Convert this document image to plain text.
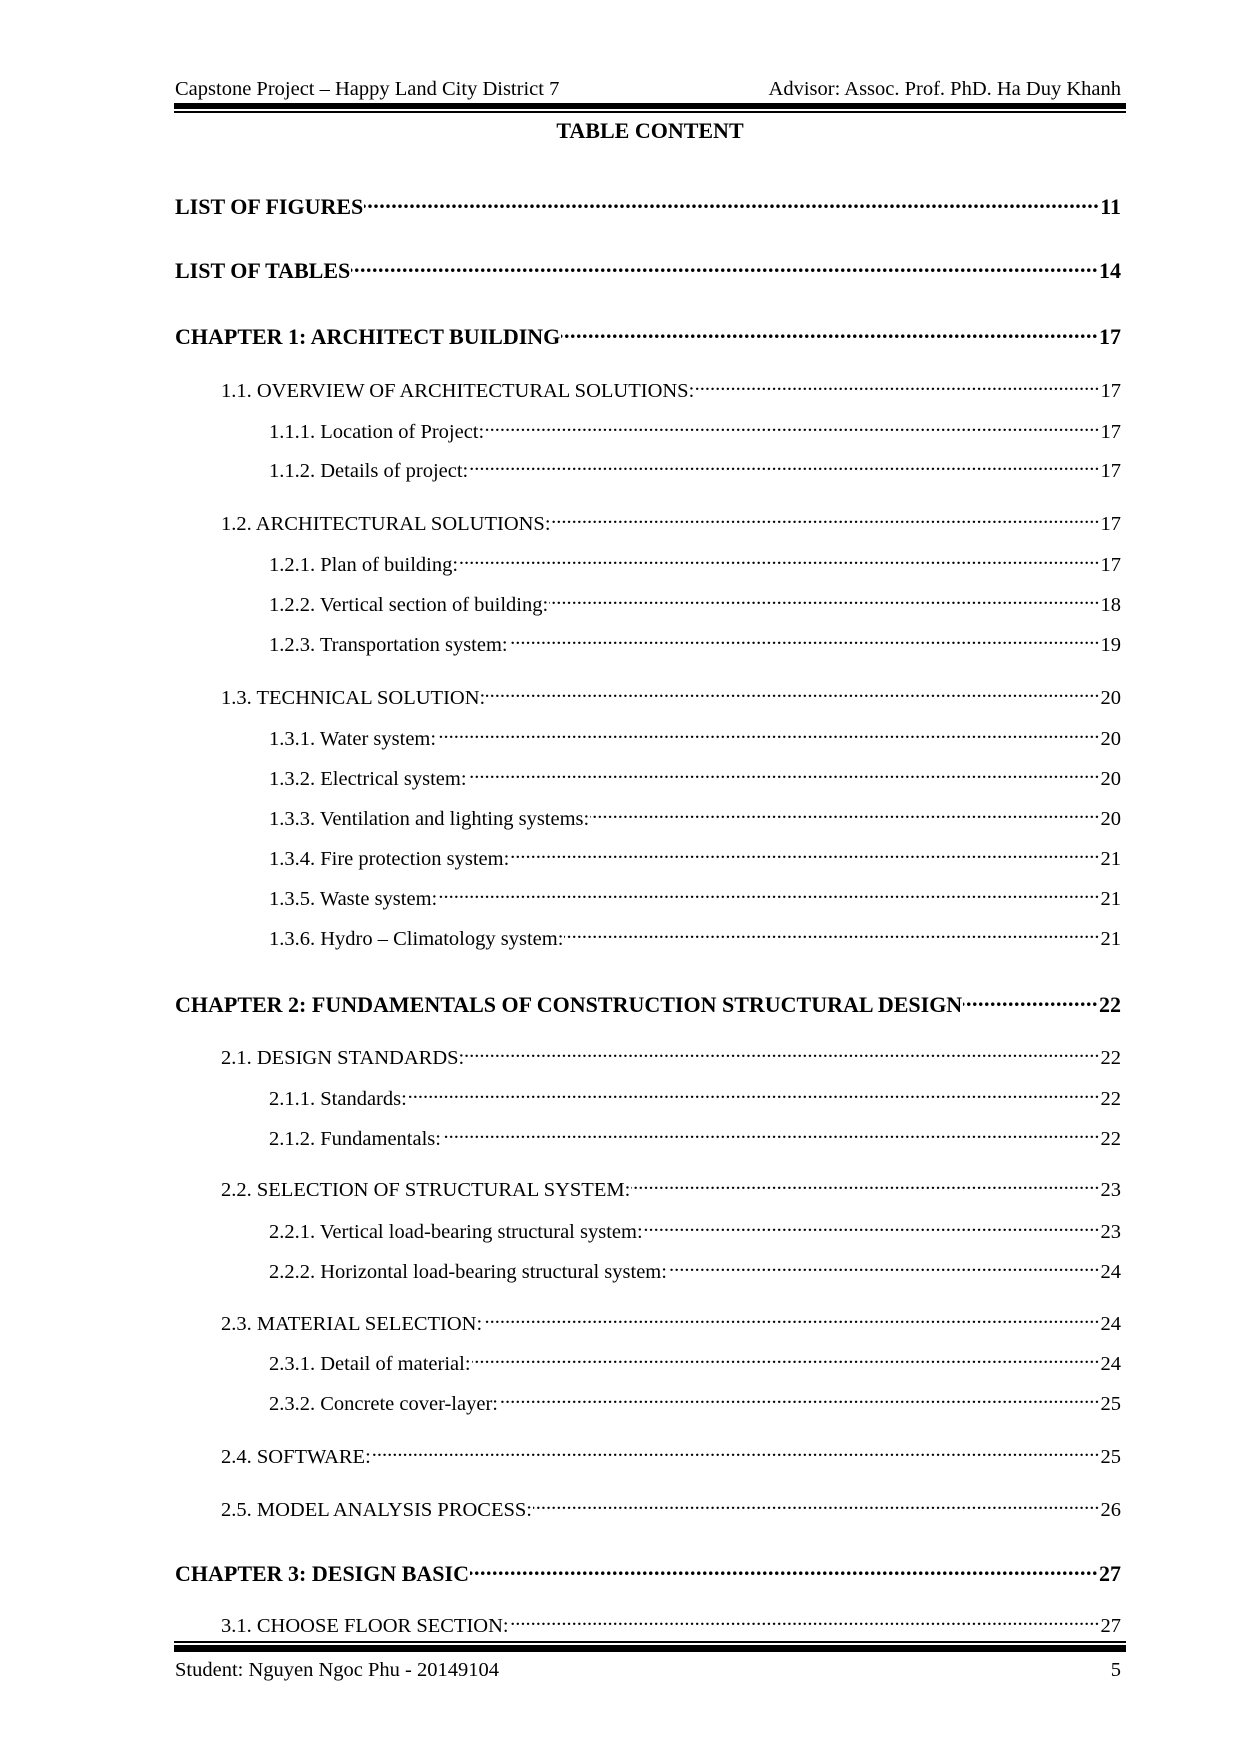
Capstone Project – Happy Land City District 7	Advisor: Assoc. Prof. PhD. Ha Duy Khanh
TABLE CONTENT
LIST OF FIGURES .....	11
LIST OF TABLES .....	14
CHAPTER 1: ARCHITECT BUILDING .....	17
1.1. OVERVIEW OF ARCHITECTURAL SOLUTIONS: .....	17
1.1.1. Location of Project: .....	17
1.1.2. Details of project: .....	17
1.2. ARCHITECTURAL SOLUTIONS: .....	17
1.2.1. Plan of building: .....	17
1.2.2. Vertical section of building: .....	18
1.2.3. Transportation system: .....	19
1.3. TECHNICAL SOLUTION: .....	20
1.3.1. Water system: .....	20
1.3.2. Electrical system: .....	20
1.3.3. Ventilation and lighting systems: .....	20
1.3.4. Fire protection system: .....	21
1.3.5. Waste system: .....	21
1.3.6. Hydro – Climatology system: .....	21
CHAPTER 2: FUNDAMENTALS OF CONSTRUCTION STRUCTURAL DESIGN .....	22
2.1. DESIGN STANDARDS: .....	22
2.1.1. Standards: .....	22
2.1.2. Fundamentals: .....	22
2.2. SELECTION OF STRUCTURAL SYSTEM: .....	23
2.2.1. Vertical load-bearing structural system: .....	23
2.2.2. Horizontal load-bearing structural system: .....	24
2.3. MATERIAL SELECTION: .....	24
2.3.1. Detail of material: .....	24
2.3.2. Concrete cover-layer: .....	25
2.4. SOFTWARE: .....	25
2.5. MODEL ANALYSIS PROCESS: .....	26
CHAPTER 3: DESIGN BASIC .....	27
3.1. CHOOSE FLOOR SECTION: .....	27
Student: Nguyen Ngoc Phu - 20149104	5
